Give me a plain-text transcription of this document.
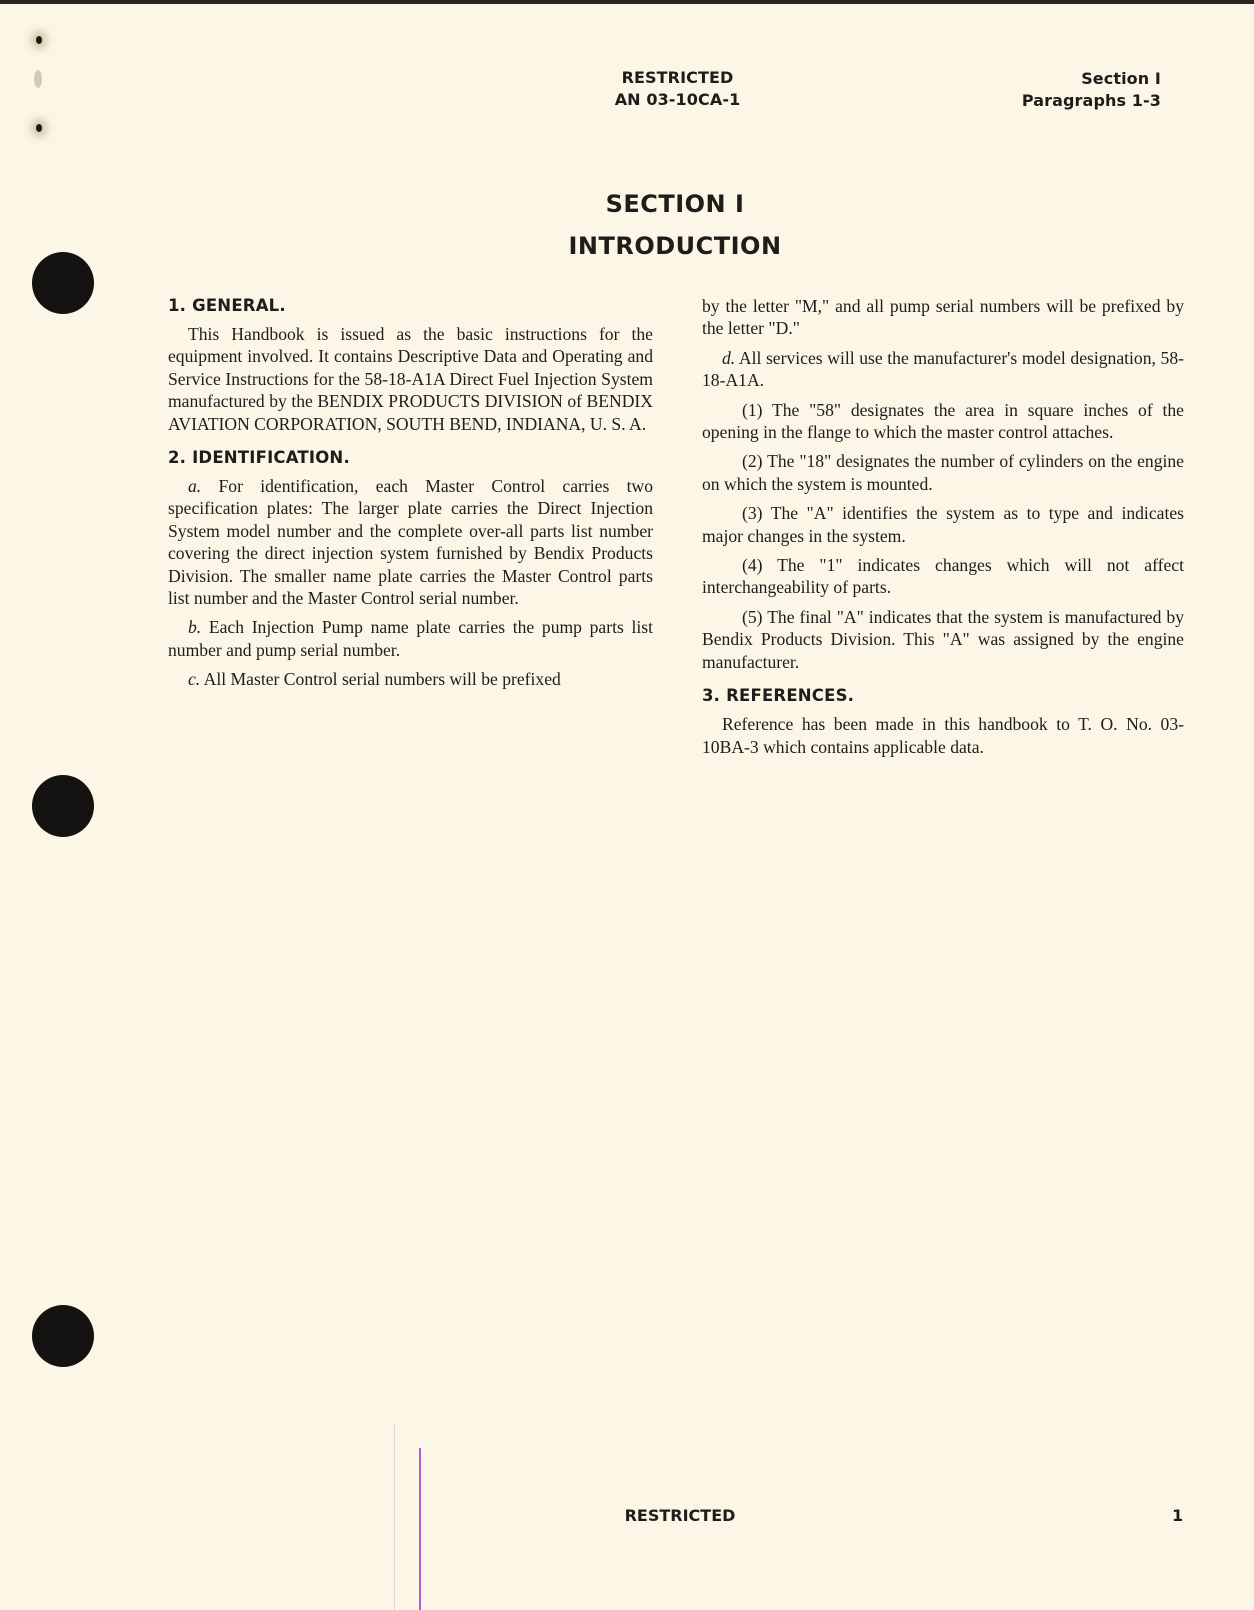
RESTRICTED
AN 03-10CA-1
Section I
Paragraphs 1-3
SECTION I
INTRODUCTION
1. GENERAL.

This Handbook is issued as the basic instructions for the equipment involved. It contains Descriptive Data and Operating and Service Instructions for the 58-18-A1A Direct Fuel Injection System manufactured by the BENDIX PRODUCTS DIVISION of BENDIX AVIATION CORPORATION, SOUTH BEND, INDIANA, U. S. A.

2. IDENTIFICATION.

a. For identification, each Master Control carries two specification plates: The larger plate carries the Direct Injection System model number and the complete over-all parts list number covering the direct injection system furnished by Bendix Products Division. The smaller name plate carries the Master Control parts list number and the Master Control serial number.

b. Each Injection Pump name plate carries the pump parts list number and pump serial number.

c. All Master Control serial numbers will be prefixed

by the letter "M," and all pump serial numbers will be prefixed by the letter "D."

d. All services will use the manufacturer's model designation, 58-18-A1A.

(1) The "58" designates the area in square inches of the opening in the flange to which the master control attaches.

(2) The "18" designates the number of cylinders on the engine on which the system is mounted.

(3) The "A" identifies the system as to type and indicates major changes in the system.

(4) The "1" indicates changes which will not affect interchangeability of parts.

(5) The final "A" indicates that the system is manufactured by Bendix Products Division. This "A" was assigned by the engine manufacturer.

3. REFERENCES.

Reference has been made in this handbook to T. O. No. 03-10BA-3 which contains applicable data.

RESTRICTED	1
